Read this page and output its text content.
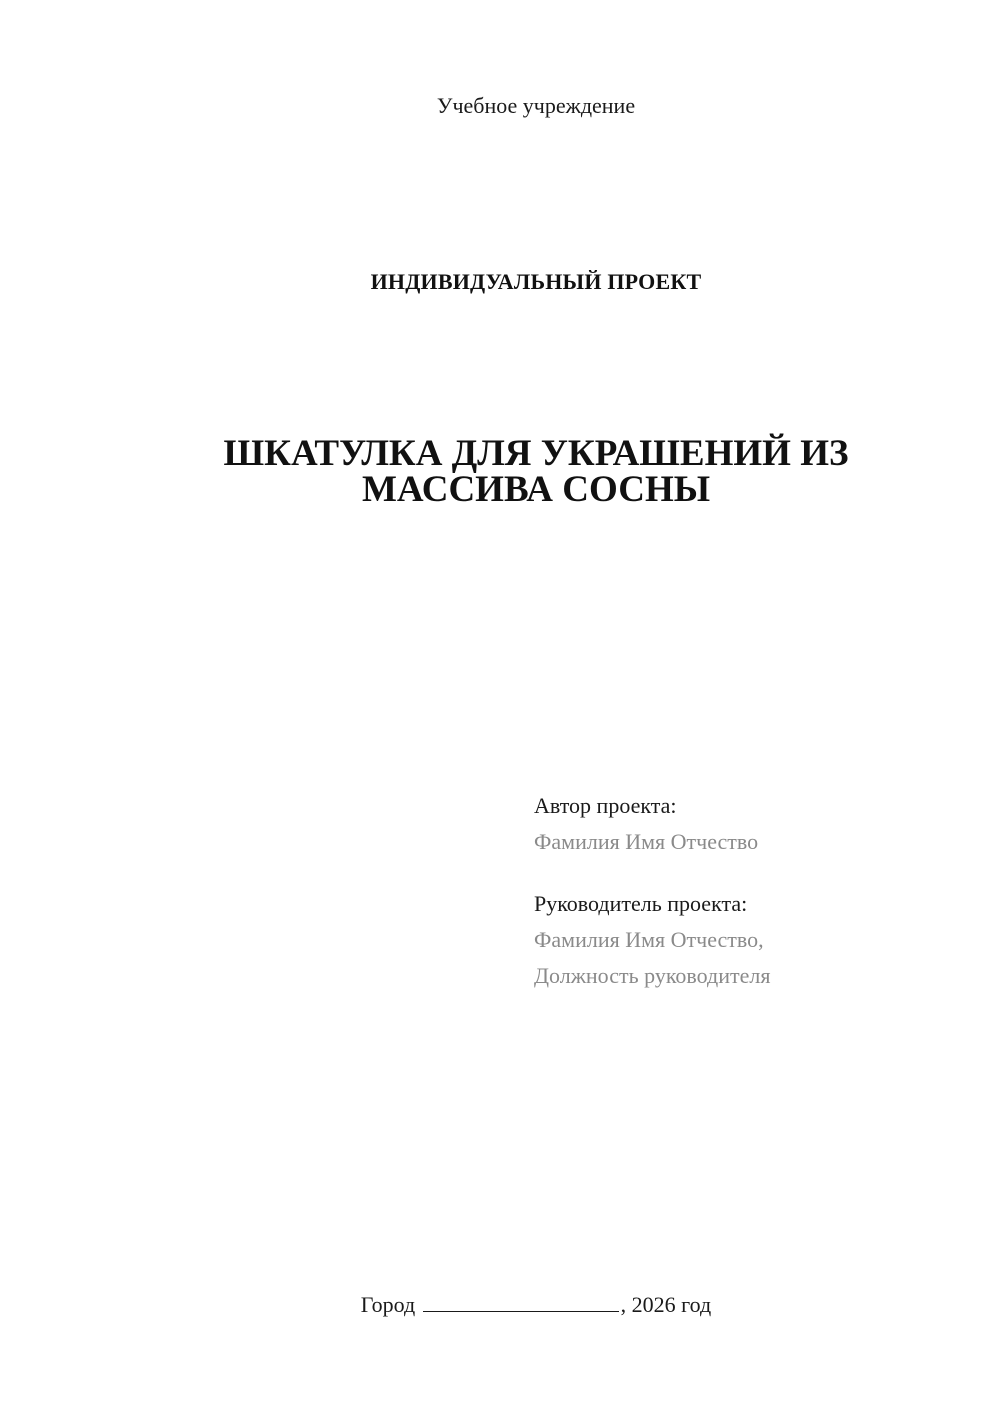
Учебное учреждение
ИНДИВИДУАЛЬНЫЙ ПРОЕКТ
ШКАТУЛКА ДЛЯ УКРАШЕНИЙ ИЗ
МАССИВА СОСНЫ
Автор проекта:
Фамилия Имя Отчество
Руководитель проекта:
Фамилия Имя Отчество,
Должность руководителя
Город	, 2026 год
